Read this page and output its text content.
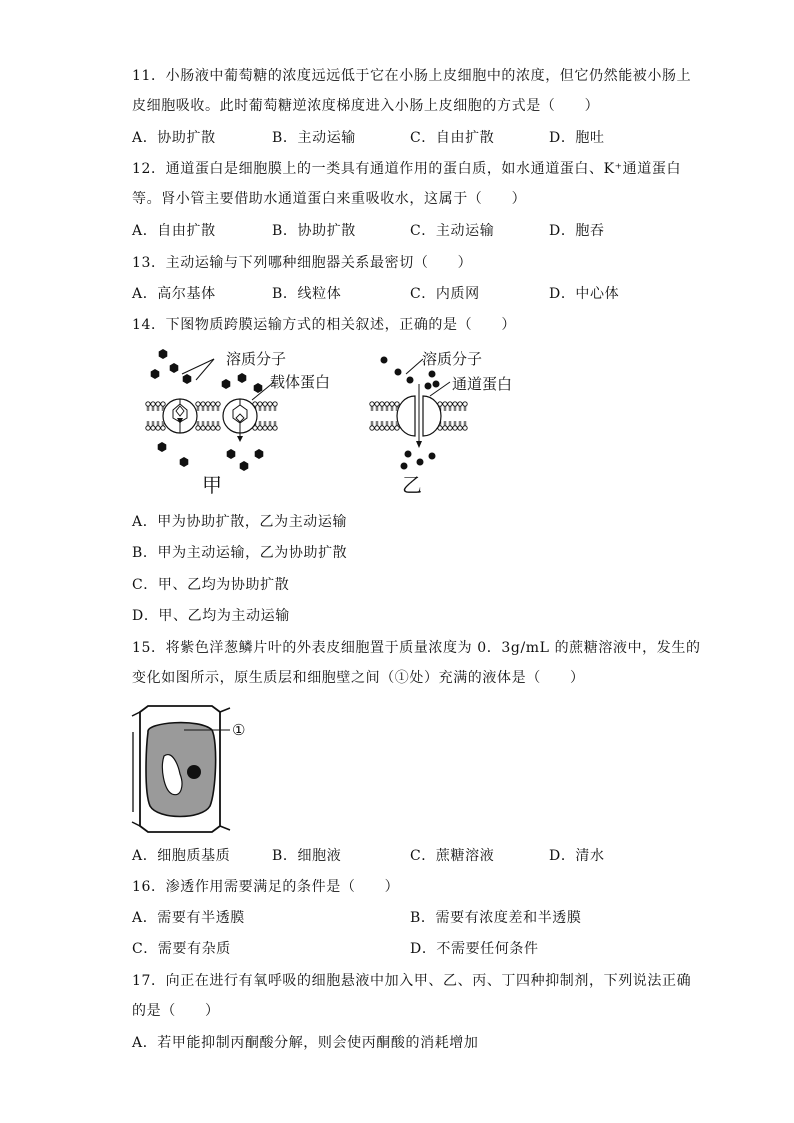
11．小肠液中葡萄糖的浓度远远低于它在小肠上皮细胞中的浓度，但它仍然能被小肠上
皮细胞吸收。此时葡萄糖逆浓度梯度进入小肠上皮细胞的方式是（　　）
A．协助扩散	B．主动运输	C．自由扩散	D．胞吐
12．通道蛋白是细胞膜上的一类具有通道作用的蛋白质，如水通道蛋白、K⁺通道蛋白
等。肾小管主要借助水通道蛋白来重吸收水，这属于（　　）
A．自由扩散	B．协助扩散	C．主动运输	D．胞吞
13．主动运输与下列哪种细胞器关系最密切（　　）
A．高尔基体	B．线粒体	C．内质网	D．中心体
14．下图物质跨膜运输方式的相关叙述，正确的是（　　）
溶质分子
载体蛋白
甲
溶质分子
通道蛋白
乙
A．甲为协助扩散，乙为主动运输
B．甲为主动运输，乙为协助扩散
C．甲、乙均为协助扩散
D．甲、乙均为主动运输
15．将紫色洋葱鳞片叶的外表皮细胞置于质量浓度为 0．3g/mL 的蔗糖溶液中，发生的
变化如图所示，原生质层和细胞壁之间（①处）充满的液体是（　　）
①
A．细胞质基质	B．细胞液	C．蔗糖溶液	D．清水
16．渗透作用需要满足的条件是（　　）
A．需要有半透膜	B．需要有浓度差和半透膜
C．需要有杂质	D．不需要任何条件
17．向正在进行有氧呼吸的细胞悬液中加入甲、乙、丙、丁四种抑制剂，下列说法正确
的是（　　）
A．若甲能抑制丙酮酸分解，则会使丙酮酸的消耗增加
